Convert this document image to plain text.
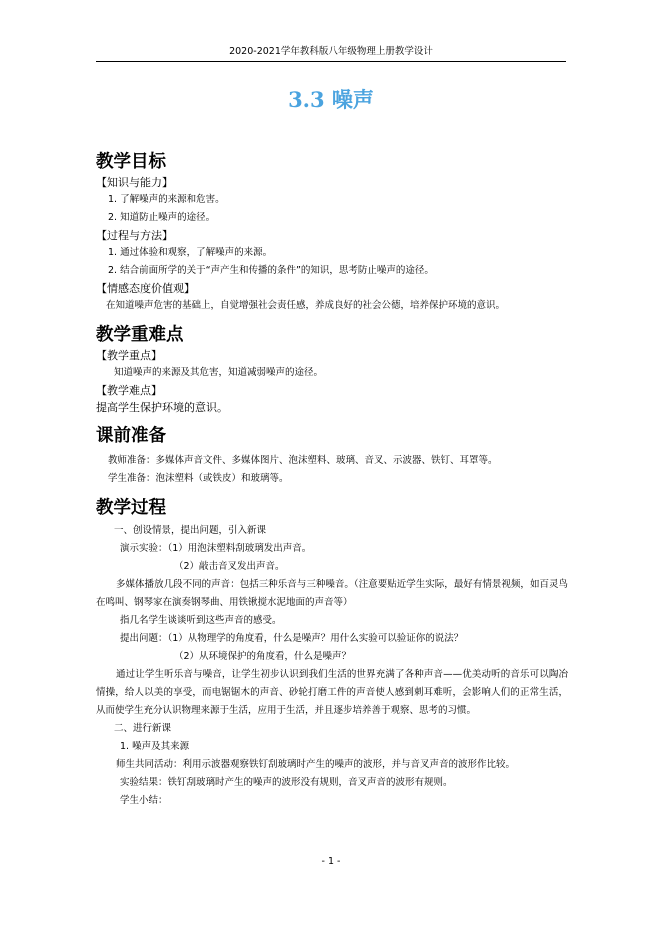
2020-2021学年教科版八年级物理上册教学设计
3.3 噪声
教学目标
【知识与能力】
1. 了解噪声的来源和危害。
2. 知道防止噪声的途径。
【过程与方法】
1. 通过体验和观察，了解噪声的来源。
2. 结合前面所学的关于“声产生和传播的条件”的知识，思考防止噪声的途径。
【情感态度价值观】
在知道噪声危害的基础上，自觉增强社会责任感，养成良好的社会公德，培养保护环境的意识。
教学重难点
【教学重点】
知道噪声的来源及其危害，知道减弱噪声的途径。
【教学难点】
提高学生保护环境的意识。
课前准备
教师准备：多媒体声音文件、多媒体图片、泡沫塑料、玻璃、音叉、示波器、铁钉、耳罩等。
学生准备：泡沫塑料（或铁皮）和玻璃等。
教学过程
一、创设情景，提出问题，引入新课
演示实验：（1）用泡沫塑料刮玻璃发出声音。
（2）敲击音叉发出声音。
多媒体播放几段不同的声音：包括三种乐音与三种噪音。（注意要贴近学生实际，最好有情景视频，如百灵鸟在鸣叫、钢琴家在演奏钢琴曲、用铁锹搅水泥地面的声音等）
指几名学生谈谈听到这些声音的感受。
提出问题：（1）从物理学的角度看，什么是噪声？用什么实验可以验证你的说法？
（2）从环境保护的角度看，什么是噪声？
通过让学生听乐音与噪音，让学生初步认识到我们生活的世界充满了各种声音——优美动听的音乐可以陶冶情操，给人以美的享受，而电锯锯木的声音、砂轮打磨工件的声音使人感到刺耳难听，会影响人们的正常生活，从而使学生充分认识物理来源于生活，应用于生活，并且逐步培养善于观察、思考的习惯。
二、进行新课
1. 噪声及其来源
师生共同活动：利用示波器观察铁钉刮玻璃时产生的噪声的波形，并与音叉声音的波形作比较。
实验结果：铁钉刮玻璃时产生的噪声的波形没有规则，音叉声音的波形有规则。
学生小结：
- 1 -
